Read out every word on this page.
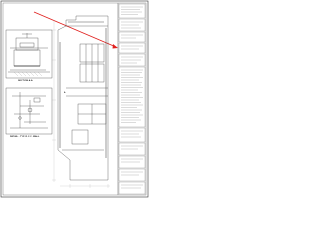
SECTION A-A
DETAIL - TYP. R.C.C. WALL
A
